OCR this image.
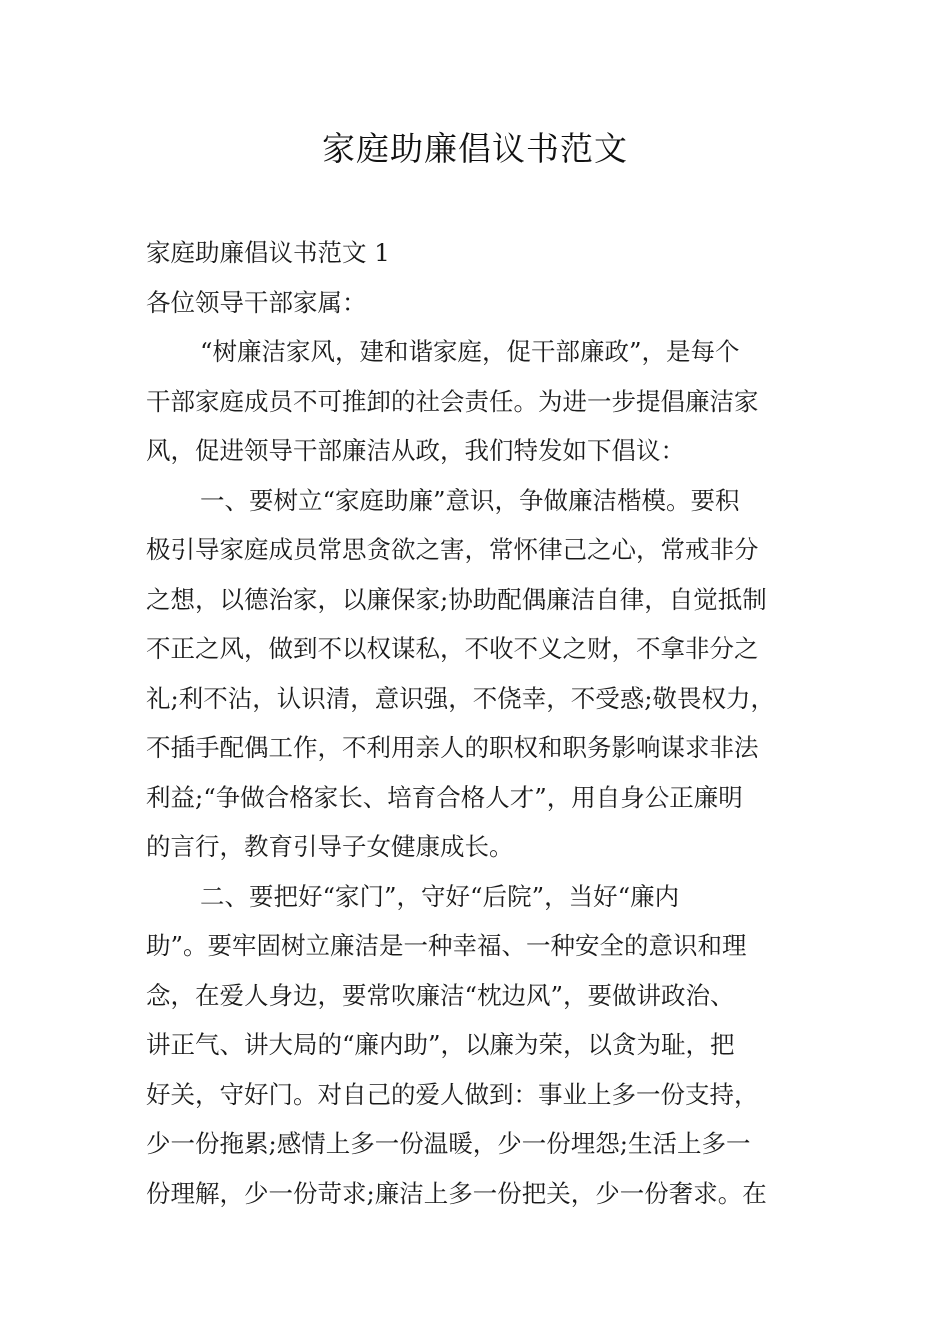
家庭助廉倡议书范文
家庭助廉倡议书范文 1
各位领导干部家属：
“树廉洁家风，建和谐家庭，促干部廉政”，是每个
干部家庭成员不可推卸的社会责任。为进一步提倡廉洁家
风，促进领导干部廉洁从政，我们特发如下倡议：
一、要树立“家庭助廉”意识，争做廉洁楷模。要积
极引导家庭成员常思贪欲之害，常怀律己之心，常戒非分
之想，以德治家，以廉保家;协助配偶廉洁自律，自觉抵制
不正之风，做到不以权谋私，不收不义之财，不拿非分之
礼;利不沾，认识清，意识强，不侥幸，不受惑;敬畏权力，
不插手配偶工作，不利用亲人的职权和职务影响谋求非法
利益;“争做合格家长、培育合格人才”，用自身公正廉明
的言行，教育引导子女健康成长。
二、要把好“家门”，守好“后院”，当好“廉内
助”。要牢固树立廉洁是一种幸福、一种安全的意识和理
念，在爱人身边，要常吹廉洁“枕边风”，要做讲政治、
讲正气、讲大局的“廉内助”，以廉为荣，以贪为耻，把
好关，守好门。对自己的爱人做到：事业上多一份支持，
少一份拖累;感情上多一份温暖，少一份埋怨;生活上多一
份理解，少一份苛求;廉洁上多一份把关，少一份奢求。在
